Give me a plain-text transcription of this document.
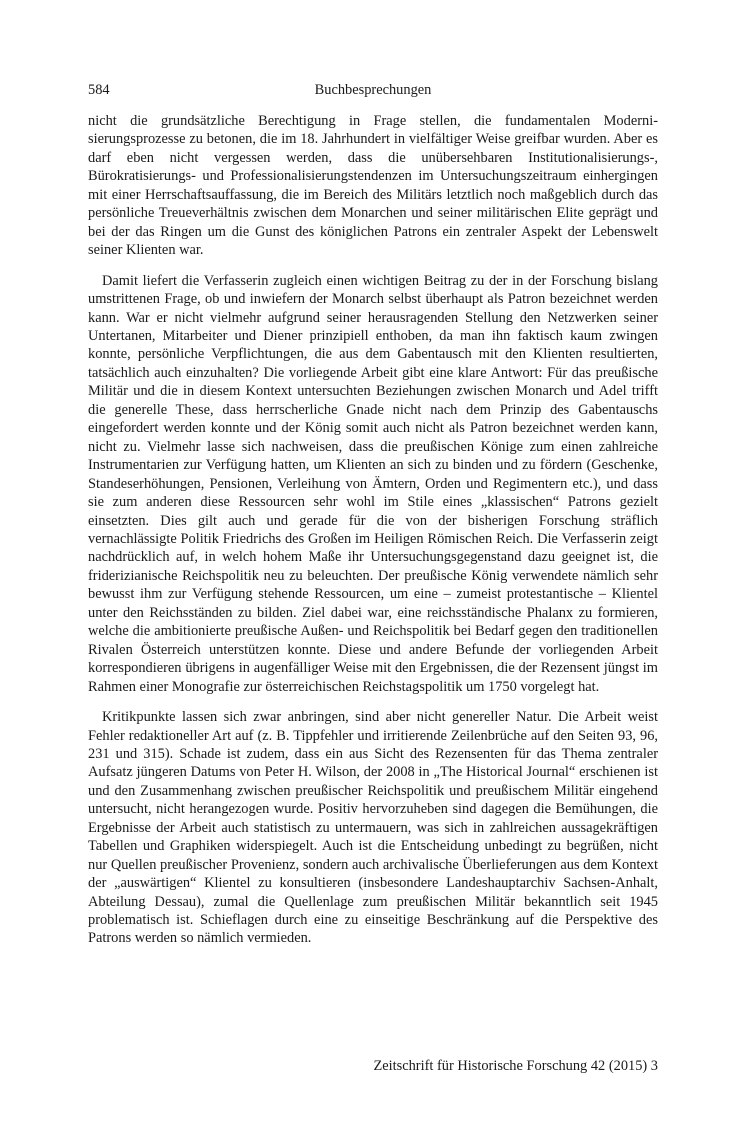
584	Buchbesprechungen

nicht die grundsätzliche Berechtigung in Frage stellen, die fundamentalen Modernisierungsprozesse zu betonen, die im 18. Jahrhundert in vielfältiger Weise greifbar wurden. Aber es darf eben nicht vergessen werden, dass die unübersehbaren Institutionalisierungs-, Bürokratisierungs- und Professionalisierungstendenzen im Untersuchungszeitraum einhergingen mit einer Herrschaftsauffassung, die im Bereich des Militärs letztlich noch maßgeblich durch das persönliche Treueverhältnis zwischen dem Monarchen und seiner militärischen Elite geprägt und bei der das Ringen um die Gunst des königlichen Patrons ein zentraler Aspekt der Lebenswelt seiner Klienten war.

Damit liefert die Verfasserin zugleich einen wichtigen Beitrag zu der in der Forschung bislang umstrittenen Frage, ob und inwiefern der Monarch selbst überhaupt als Patron bezeichnet werden kann. War er nicht vielmehr aufgrund seiner herausragenden Stellung den Netzwerken seiner Untertanen, Mitarbeiter und Diener prinzipiell enthoben, da man ihn faktisch kaum zwingen konnte, persönliche Verpflichtungen, die aus dem Gabentausch mit den Klienten resultierten, tatsächlich auch einzuhalten? Die vorliegende Arbeit gibt eine klare Antwort: Für das preußische Militär und die in diesem Kontext untersuchten Beziehungen zwischen Monarch und Adel trifft die generelle These, dass herrscherliche Gnade nicht nach dem Prinzip des Gabentauschs eingefordert werden konnte und der König somit auch nicht als Patron bezeichnet werden kann, nicht zu. Vielmehr lasse sich nachweisen, dass die preußischen Könige zum einen zahlreiche Instrumentarien zur Verfügung hatten, um Klienten an sich zu binden und zu fördern (Geschenke, Standeserhöhungen, Pensionen, Verleihung von Ämtern, Orden und Regimentern etc.), und dass sie zum anderen diese Ressourcen sehr wohl im Stile eines „klassischen“ Patrons gezielt einsetzten. Dies gilt auch und gerade für die von der bisherigen Forschung sträflich vernachlässigte Politik Friedrichs des Großen im Heiligen Römischen Reich. Die Verfasserin zeigt nachdrücklich auf, in welch hohem Maße ihr Untersuchungsgegenstand dazu geeignet ist, die friderizianische Reichspolitik neu zu beleuchten. Der preußische König verwendete nämlich sehr bewusst ihm zur Verfügung stehende Ressourcen, um eine – zumeist protestantische – Klientel unter den Reichsständen zu bilden. Ziel dabei war, eine reichsständische Phalanx zu formieren, welche die ambitionierte preußische Außen- und Reichspolitik bei Bedarf gegen den traditionellen Rivalen Österreich unterstützen konnte. Diese und andere Befunde der vorliegenden Arbeit korrespondieren übrigens in augenfälliger Weise mit den Ergebnissen, die der Rezensent jüngst im Rahmen einer Monografie zur österreichischen Reichstagspolitik um 1750 vorgelegt hat.

Kritikpunkte lassen sich zwar anbringen, sind aber nicht genereller Natur. Die Arbeit weist Fehler redaktioneller Art auf (z. B. Tippfehler und irritierende Zeilenbrüche auf den Seiten 93, 96, 231 und 315). Schade ist zudem, dass ein aus Sicht des Rezensenten für das Thema zentraler Aufsatz jüngeren Datums von Peter H. Wilson, der 2008 in „The Historical Journal“ erschienen ist und den Zusammenhang zwischen preußischer Reichspolitik und preußischem Militär eingehend untersucht, nicht herangezogen wurde. Positiv hervorzuheben sind dagegen die Bemühungen, die Ergebnisse der Arbeit auch statistisch zu untermauern, was sich in zahlreichen aussagekräftigen Tabellen und Graphiken widerspiegelt. Auch ist die Entscheidung unbedingt zu begrüßen, nicht nur Quellen preußischer Provenienz, sondern auch archivalische Überlieferungen aus dem Kontext der „auswärtigen“ Klientel zu konsultieren (insbesondere Landeshauptarchiv Sachsen-Anhalt, Abteilung Dessau), zumal die Quellenlage zum preußischen Militär bekanntlich seit 1945 problematisch ist. Schieflagen durch eine zu einseitige Beschränkung auf die Perspektive des Patrons werden so nämlich vermieden.

Zeitschrift für Historische Forschung 42 (2015) 3
